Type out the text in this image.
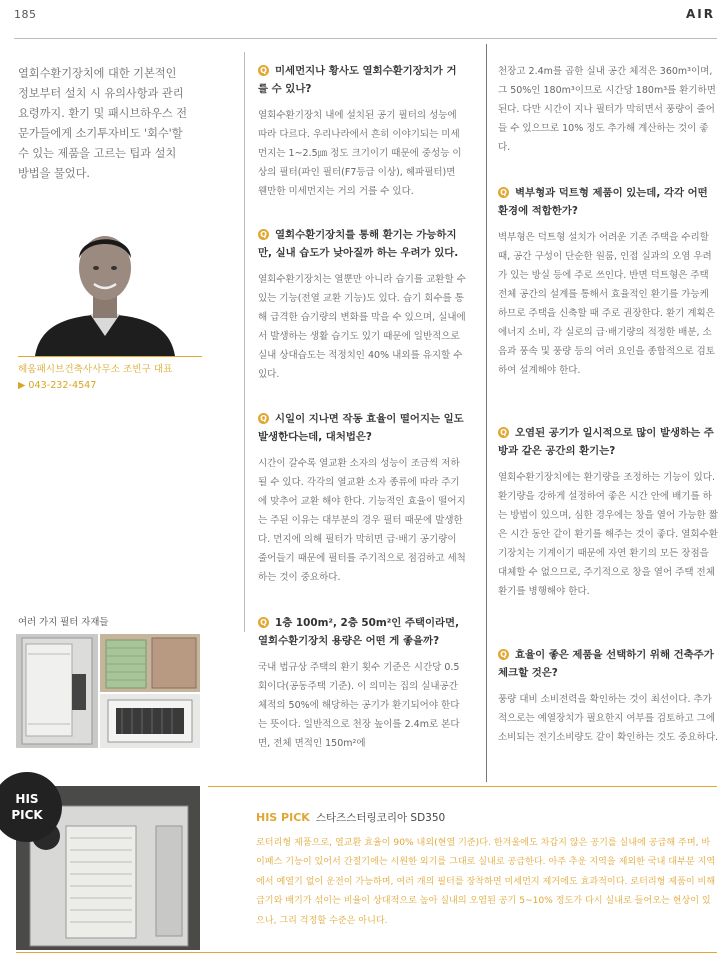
185	AIR
열회수환기장치에 대한 기본적인 정보부터 설치 시 유의사항과 관리 요령까지. 환기 및 패시브하우스 전문가들에게 소기투자비도 '회수'할 수 있는 제품을 고르는 팁과 설치 방법을 물었다.
헤움패시브건축사사무소 조빈구 대표
▶ 043-232-4547
여러 가지 필터 자재들
Q 미세먼지나 황사도 열회수환기장치가 거를 수 있나?
열회수환기장치 내에 설치된 공기 필터의 성능에 따라 다르다. 우리나라에서 흔히 이야기되는 미세먼지는 1~2.5㎛ 정도 크기이기 때문에 중성능 이상의 필터(파인 필터(F7등급 이상), 헤파필터)면 웬만한 미세먼지는 거의 거를 수 있다.
Q 열회수환기장치를 통해 환기는 가능하지만, 실내 습도가 낮아질까 하는 우려가 있다.
열회수환기장치는 열뿐만 아니라 습기를 교환할 수 있는 기능(전열 교환 기능)도 있다. 습기 회수를 통해 급격한 습기량의 변화를 막을 수 있으며, 실내에서 발생하는 생활 습기도 있기 때문에 일반적으로 실내 상대습도는 적정치인 40% 내외를 유지할 수 있다.
Q 시일이 지나면 작동 효율이 떨어지는 일도 발생한다는데, 대처법은?
시간이 갈수록 열교환 소자의 성능이 조금씩 저하될 수 있다. 각각의 열교환 소자 종류에 따라 주기에 맞추어 교환 해야 한다. 기능적인 효율이 떨어지는 주된 이유는 대부분의 경우 필터 때문에 발생한다. 먼지에 의해 필터가 막히면 급·배기 공기량이 줄어들기 때문에 필터를 주기적으로 점검하고 세척하는 것이 중요하다.
Q 1층 100m², 2층 50m²인 주택이라면, 열회수환기장치 용량은 어떤 게 좋을까?
국내 법규상 주택의 환기 횟수 기준은 시간당 0.5회이다(공동주택 기준). 이 의미는 집의 실내공간 체적의 50%에 해당하는 공기가 환기되어야 한다는 뜻이다. 일반적으로 천장 높이를 2.4m로 본다면, 전체 면적인 150m²에
천장고 2.4m를 곱한 실내 공간 체적은 360m³이며, 그 50%인 180m³이므로 시간당 180m³를 환기하면 된다. 다만 시간이 지나 필터가 막히면서 풍량이 줄어들 수 있으므로 10% 정도 추가해 계산하는 것이 좋다.
Q 벽부형과 덕트형 제품이 있는데, 각각 어떤 환경에 적합한가?
벽부형은 덕트형 설치가 어려운 기존 주택을 수리할 때, 공간 구성이 단순한 원룸, 인접 실과의 오염 우려가 있는 방실 등에 주로 쓰인다. 반면 덕트형은 주택 전체 공간의 설계를 통해서 효율적인 환기를 가능케 하므로 주택을 신축할 때 주로 권장한다. 환기 계획은 에너지 소비, 각 실로의 급·배기량의 적정한 배분, 소음과 풍속 및 풍량 등의 여러 요인을 종합적으로 검토하여 설계해야 한다.
Q 오염된 공기가 일시적으로 많이 발생하는 주방과 같은 공간의 환기는?
열회수환기장치에는 환기량을 조정하는 기능이 있다. 환기량을 강하게 설정하여 좋은 시간 안에 배기를 하는 방법이 있으며, 심한 경우에는 창을 열어 가능한 짧은 시간 동안 같이 환기를 해주는 것이 좋다. 열회수환기장치는 기계이기 때문에 자연 환기의 모든 장점을 대체할 수 없으므로, 주기적으로 창을 열어 주택 전체 환기를 병행해야 한다.
Q 효율이 좋은 제품을 선택하기 위해 건축주가 체크할 것은?
풍량 대비 소비전력을 확인하는 것이 최선이다. 추가적으로는 예열장치가 필요한지 여부를 검토하고 그에 소비되는 전기소비량도 같이 확인하는 것도 중요하다.
HIS
PICK	HIS PICK 스타즈스터링코리아 SD350
로터리형 제품으로, 열교환 효율이 90% 내외(현열 기준)다. 한겨울에도 차갑지 않은 공기를 실내에 공급해 주며, 바이패스 기능이 있어서 간절기에는 시원한 외기를 그대로 실내로 공급한다. 아주 추운 지역을 제외한 국내 대부분 지역에서 예열기 없이 운전이 가능하며, 여러 개의 필터를 장착하면 미세먼지 제거에도 효과적이다. 로터리형 제품이 비해 급기와 배기가 섞이는 비율이 상대적으로 높아 실내의 오염된 공기 5~10% 정도가 다시 실내로 들어오는 현상이 있으나, 그리 걱정할 수준은 아니다.
